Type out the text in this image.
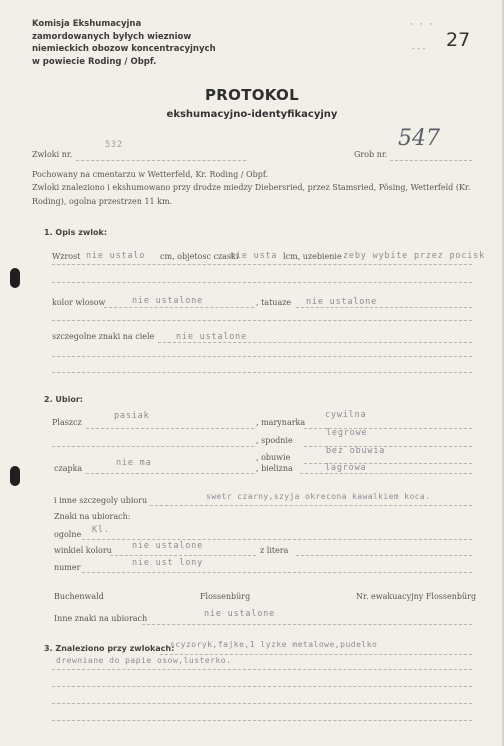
Komisja Ekshumacyjna
zamordowanych byłych wiezniow
niemieckich obozow koncentracyjnych
w powiecie Roding / Obpf.
· · ·
- - - 27
PROTOKOL
ekshumacyjno-identyfikacyjny
Zwloki nr.
532
Grob nr.
547
Pochowany na cmentarzu w Wetterfeld, Kr. Roding / Obpf.
Zwloki znaleziono i ekshumowano przy drodze miedzy Diebersried, przez Stamsried, Pösing, Wetterfeld (Kr.
Roding), ogolna przestrzen 11 km.
1. Opis zwlok:
Wzrost nie ustalo cm, objetosc czaski
nie usta lcm, uzebienie zeby wybite przez pocisk
kolor wlosow	nie ustalone	, tatuaze nie ustalone
szczegolne znaki na ciele	nie ustalone
2. Ubior:
Plaszcz
pasiak
, marynarka
cywilna
, spodnie
legrowe
, obuwie
bez obuwia
czapka
nie ma
, bielizna	lagrowa
i inne szczegoly ubioru	swetr czarny,szyja okrecona kawalkiem koca.
Znaki na ubiorach:
ogolne Kl.
winkiel koloru nie ustalone	z litera
numer	nie ust lony
Buchenwald	Flossenbürg	Nr. ewakuacyjny Flossenbürg
Inne znaki na ubiorach	nie ustalone
3. Znaleziono przy zwlokach:
scyzoryk,fajke,1 lyzke metalowe,pudelko
drewniane do papie osow,lusterko.
